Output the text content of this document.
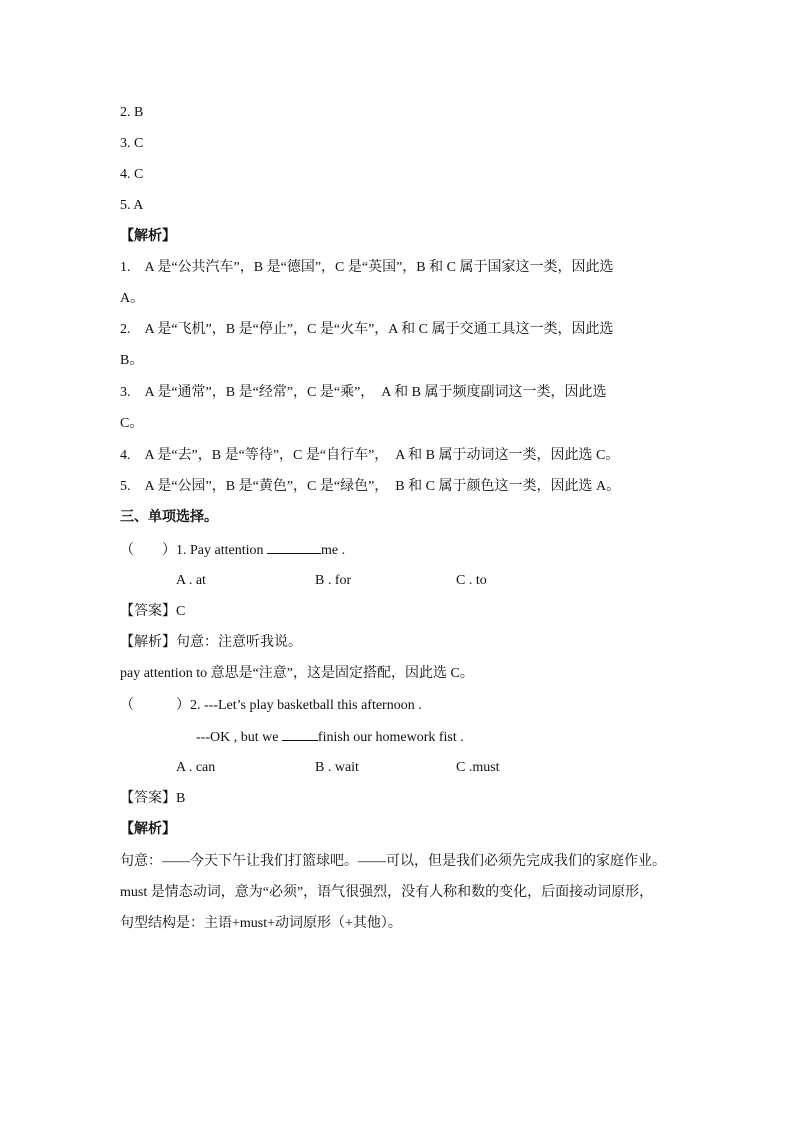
2. B
3. C
4. C
5. A
【解析】
1.　A 是“公共汽车”，B 是“德国”，C 是“英国”，B 和 C 属于国家这一类，因此选
A。
2.　A 是“飞机”，B 是“停止”，C 是“火车”，A 和 C 属于交通工具这一类，因此选
B。
3.　A 是“通常”，B 是“经常”，C 是“乘”，　A 和 B 属于频度副词这一类，因此选
C。
4.　A 是“去”，B 是“等待”，C 是“自行车”，　A 和 B 属于动词这一类，因此选 C。
5.　A 是“公园”，B 是“黄色”，C 是“绿色”，　B 和 C 属于颜色这一类，因此选 A。
三、单项选择。
（　　）1. Pay attention	me .
A . at	B . for	C . to
【答案】C
【解析】句意：注意听我说。
pay attention to 意思是“注意”，这是固定搭配，因此选 C。
（　　　）2. ---Let’s play basketball this afternoon .
---OK , but we	finish our homework fist .
A . can	B . wait	C .must
【答案】B
【解析】
句意：——今天下午让我们打篮球吧。——可以，但是我们必须先完成我们的家庭作业。
must 是情态动词，意为“必须”，语气很强烈，没有人称和数的变化，后面接动词原形，
句型结构是：主语+must+动词原形（+其他）。
